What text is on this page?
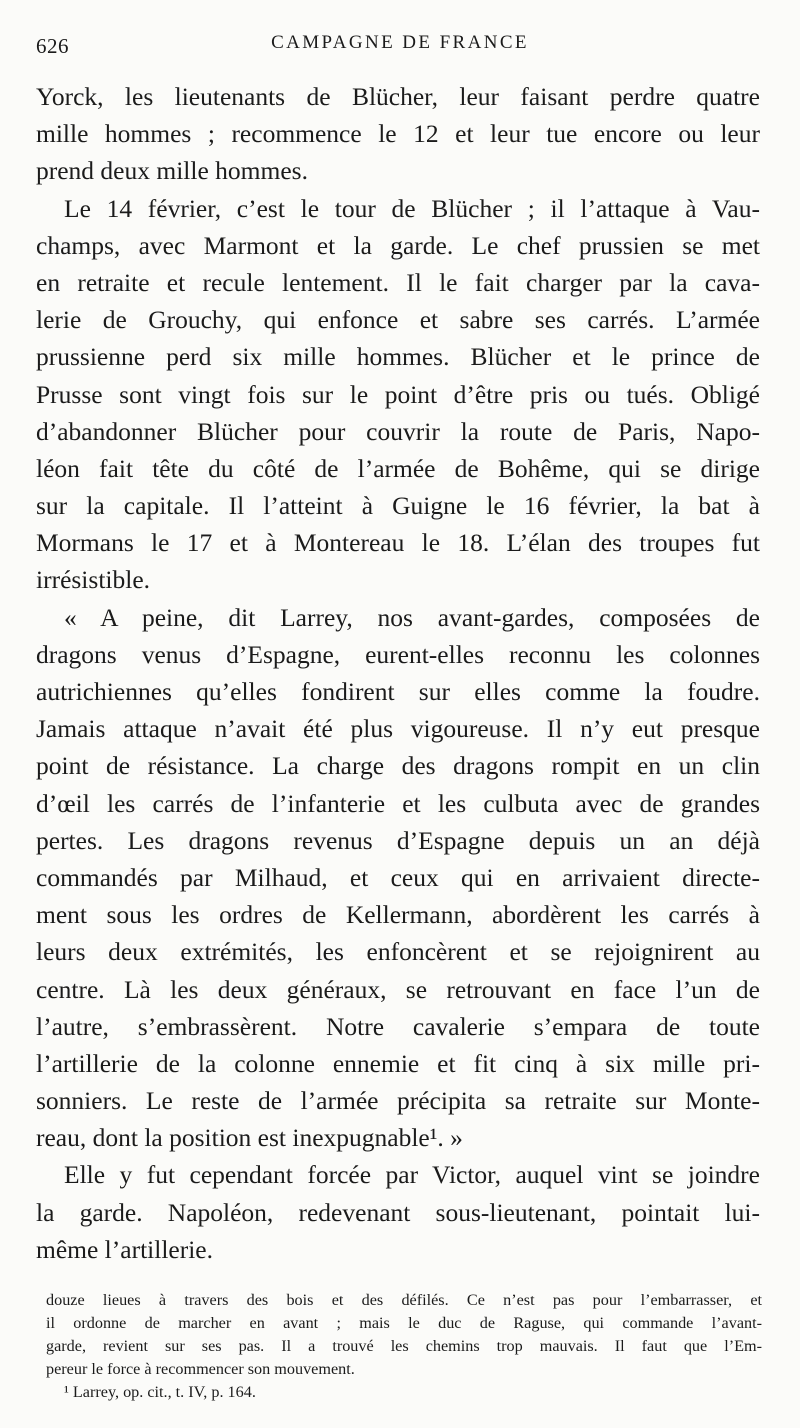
626	CAMPAGNE DE FRANCE
Yorck, les lieutenants de Blücher, leur faisant perdre quatre
mille hommes ; recommence le 12 et leur tue encore ou leur
prend deux mille hommes.
Le 14 février, c’est le tour de Blücher ; il l’attaque à Vau-
champs, avec Marmont et la garde. Le chef prussien se met
en retraite et recule lentement. Il le fait charger par la cava-
lerie de Grouchy, qui enfonce et sabre ses carrés. L’armée
prussienne perd six mille hommes. Blücher et le prince de
Prusse sont vingt fois sur le point d’être pris ou tués. Obligé
d’abandonner Blücher pour couvrir la route de Paris, Napo-
léon fait tête du côté de l’armée de Bohême, qui se dirige
sur la capitale. Il l’atteint à Guigne le 16 février, la bat à
Mormans le 17 et à Montereau le 18. L’élan des troupes fut
irrésistible.
« A peine, dit Larrey, nos avant-gardes, composées de
dragons venus d’Espagne, eurent-elles reconnu les colonnes
autrichiennes qu’elles fondirent sur elles comme la foudre.
Jamais attaque n’avait été plus vigoureuse. Il n’y eut presque
point de résistance. La charge des dragons rompit en un clin
d’œil les carrés de l’infanterie et les culbuta avec de grandes
pertes. Les dragons revenus d’Espagne depuis un an déjà
commandés par Milhaud, et ceux qui en arrivaient directe-
ment sous les ordres de Kellermann, abordèrent les carrés à
leurs deux extrémités, les enfoncèrent et se rejoignirent au
centre. Là les deux généraux, se retrouvant en face l’un de
l’autre, s’embrassèrent. Notre cavalerie s’empara de toute
l’artillerie de la colonne ennemie et fit cinq à six mille pri-
sonniers. Le reste de l’armée précipita sa retraite sur Monte-
reau, dont la position est inexpugnable¹. »
Elle y fut cependant forcée par Victor, auquel vint se joindre
la garde. Napoléon, redevenant sous-lieutenant, pointait lui-
même l’artillerie.
douze lieues à travers des bois et des défilés. Ce n’est pas pour l’embarrasser, et
il ordonne de marcher en avant ; mais le duc de Raguse, qui commande l’avant-
garde, revient sur ses pas. Il a trouvé les chemins trop mauvais. Il faut que l’Em-
pereur le force à recommencer son mouvement.
¹ Larrey, op. cit., t. IV, p. 164.
